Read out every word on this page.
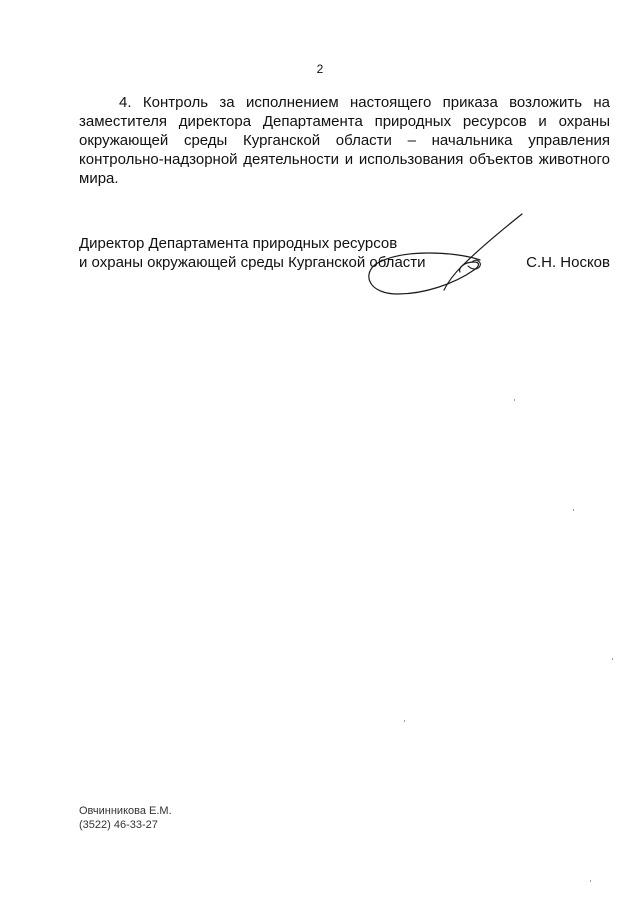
2

4. Контроль за исполнением настоящего приказа возложить на заместителя директора Департамента природных ресурсов и охраны окружающей среды Курганской области – начальника управления контрольно-надзорной деятельности и использования объектов животного мира.

Директор Департамента природных ресурсов
и охраны окружающей среды Курганской области	С.Н. Носков
Овчинникова Е.М.
(3522) 46-33-27
